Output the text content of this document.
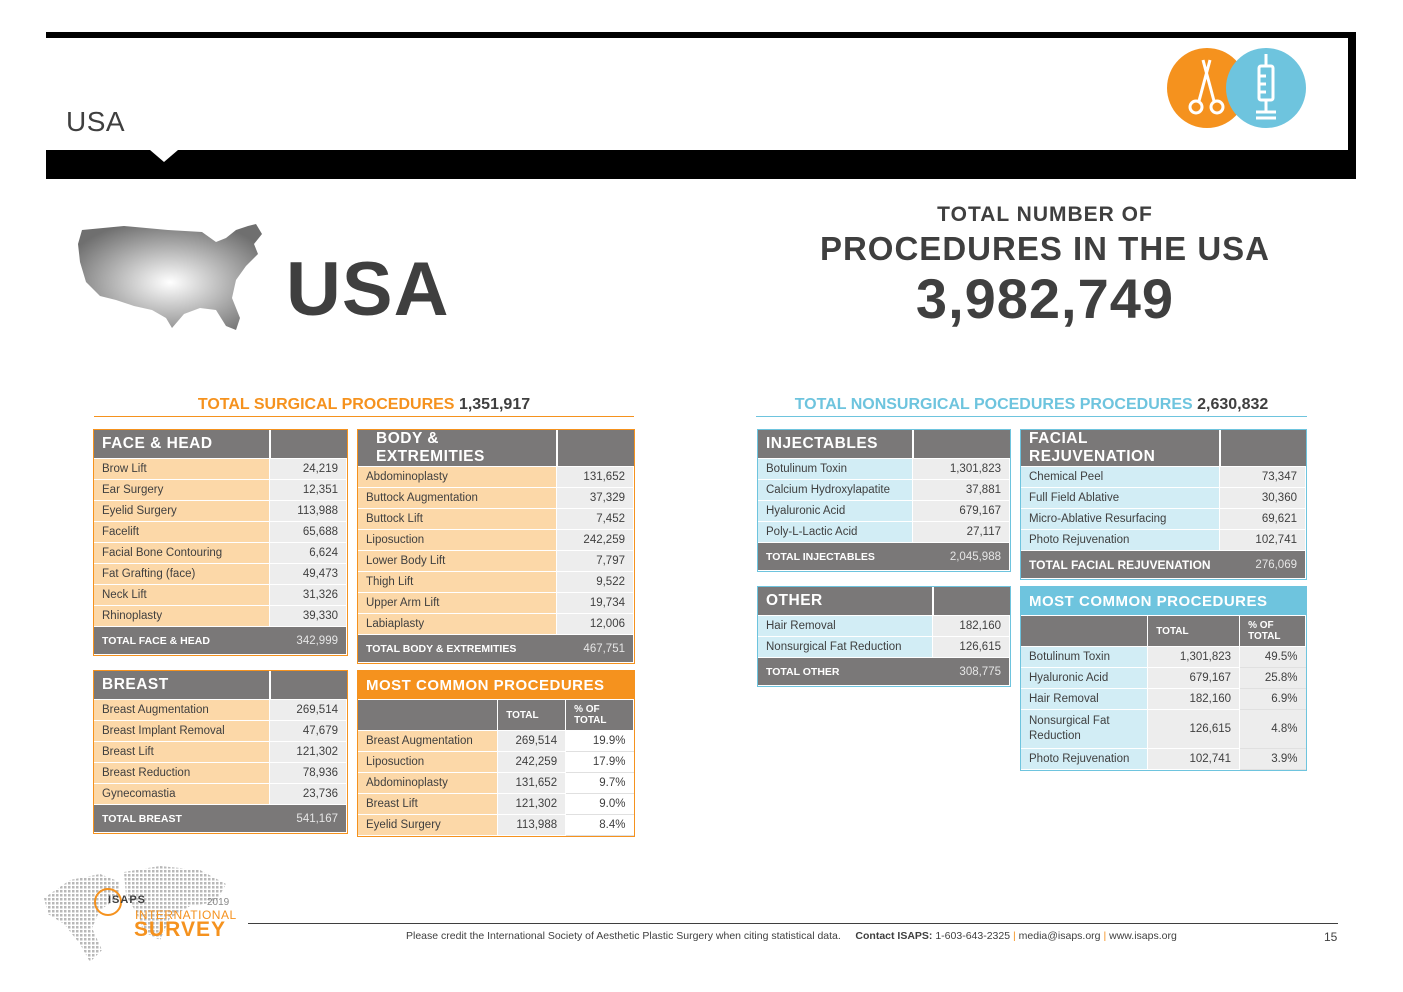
USA
USA
TOTAL NUMBER OF
PROCEDURES IN THE USA
3,982,749
TOTAL SURGICAL PROCEDURES 1,351,917	TOTAL NONSURGICAL POCEDURES PROCEDURES 2,630,832
FACE & HEAD	
Brow Lift	24,219
Ear Surgery	12,351
Eyelid Surgery	113,988
Facelift	65,688
Facial Bone Contouring	6,624
Fat Grafting (face)	49,473
Neck Lift	31,326
Rhinoplasty	39,330
TOTAL FACE & HEAD	342,999
BODY & EXTREMITIES	
Abdominoplasty	131,652
Buttock Augmentation	37,329
Buttock Lift	7,452
Liposuction	242,259
Lower Body Lift	7,797
Thigh Lift	9,522
Upper Arm Lift	19,734
Labiaplasty	12,006
TOTAL BODY & EXTREMITIES	467,751
BREAST	
Breast Augmentation	269,514
Breast Implant Removal	47,679
Breast Lift	121,302
Breast Reduction	78,936
Gynecomastia	23,736
TOTAL BREAST	541,167
MOST COMMON PROCEDURES		
	TOTAL	% OF TOTAL
Breast Augmentation	269,514	19.9%
Liposuction	242,259	17.9%
Abdominoplasty	131,652	9.7%
Breast Lift	121,302	9.0%
Eyelid Surgery	113,988	8.4%
INJECTABLES	
Botulinum Toxin	1,301,823
Calcium Hydroxylapatite	37,881
Hyaluronic Acid	679,167
Poly-L-Lactic Acid	27,117
TOTAL INJECTABLES	2,045,988
FACIAL REJUVENATION	
Chemical Peel	73,347
Full Field Ablative	30,360
Micro-Ablative Resurfacing	69,621
Photo Rejuvenation	102,741
TOTAL FACIAL REJUVENATION	276,069
OTHER	
Hair Removal	182,160
Nonsurgical Fat Reduction	126,615
TOTAL OTHER	308,775
MOST COMMON PROCEDURES		
	TOTAL	% OF TOTAL
Botulinum Toxin	1,301,823	49.5%
Hyaluronic Acid	679,167	25.8%
Hair Removal	182,160	6.9%
Nonsurgical Fat Reduction	126,615	4.8%
Photo Rejuvenation	102,741	3.9%
ISAPS	2019
INTERNATIONAL
SURVEY	Please credit the International Society of Aesthetic Plastic Surgery when citing statistical data. Contact ISAPS: 1-603-643-2325 | media@isaps.org | www.isaps.org	15
